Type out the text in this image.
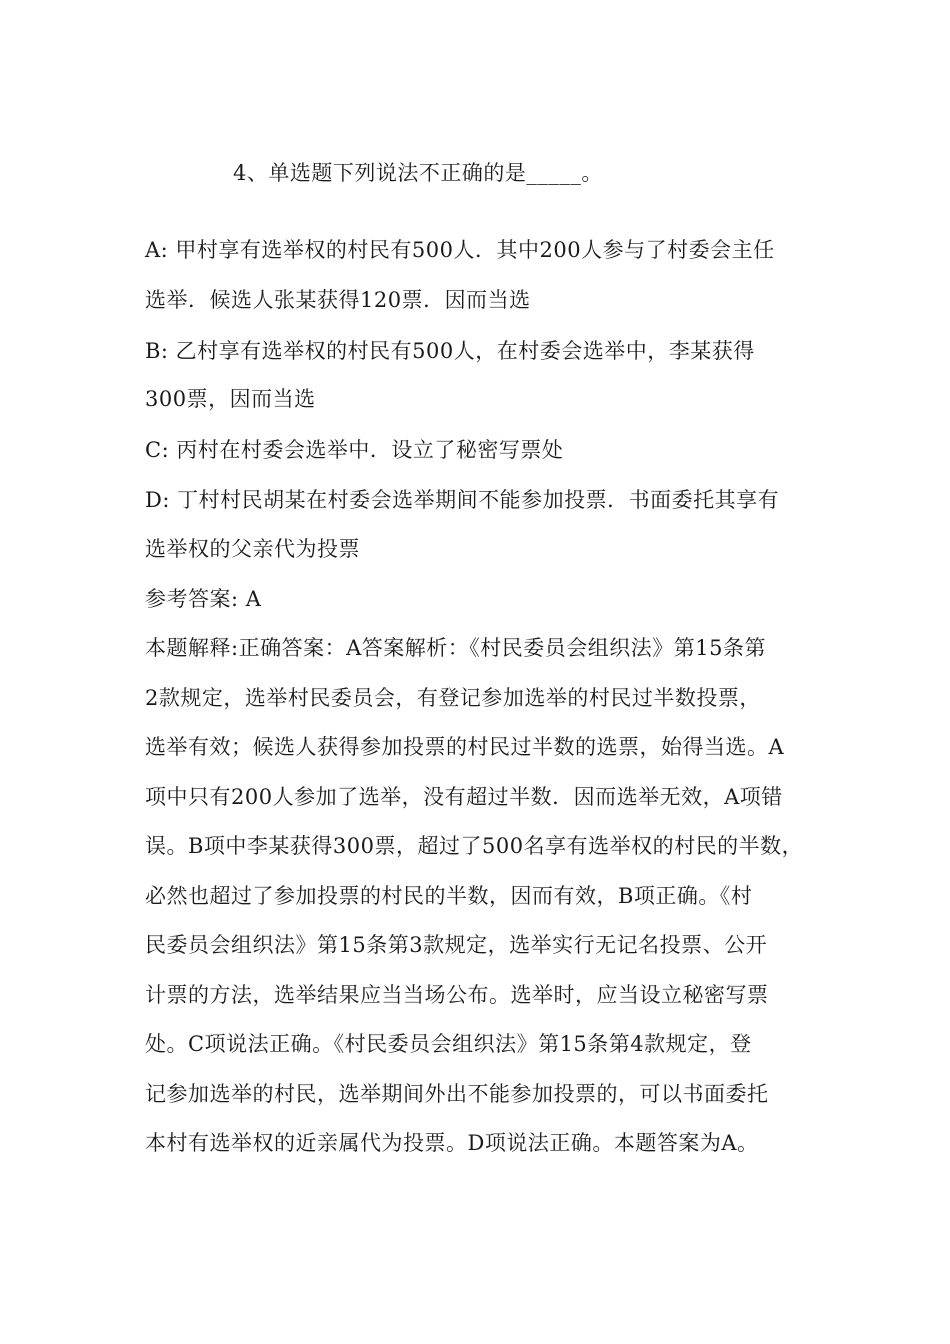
4、单选题下列说法不正确的是_____。
A: 甲村享有选举权的村民有500人．其中200人参与了村委会主任
选举．候选人张某获得120票．因而当选
B: 乙村享有选举权的村民有500人，在村委会选举中，李某获得
300票，因而当选
C: 丙村在村委会选举中．设立了秘密写票处
D: 丁村村民胡某在村委会选举期间不能参加投票．书面委托其享有
选举权的父亲代为投票
参考答案: A
本题解释:正确答案：A答案解析：《村民委员会组织法》第15条第
2款规定，选举村民委员会，有登记参加选举的村民过半数投票，
选举有效；候选人获得参加投票的村民过半数的选票，始得当选。A
项中只有200人参加了选举，没有超过半数．因而选举无效，A项错
误。B项中李某获得300票，超过了500名享有选举权的村民的半数，
必然也超过了参加投票的村民的半数，因而有效，B项正确。《村
民委员会组织法》第15条第3款规定，选举实行无记名投票、公开
计票的方法，选举结果应当当场公布。选举时，应当设立秘密写票
处。C项说法正确。《村民委员会组织法》第15条第4款规定，登
记参加选举的村民，选举期间外出不能参加投票的，可以书面委托
本村有选举权的近亲属代为投票。D项说法正确。本题答案为A。
